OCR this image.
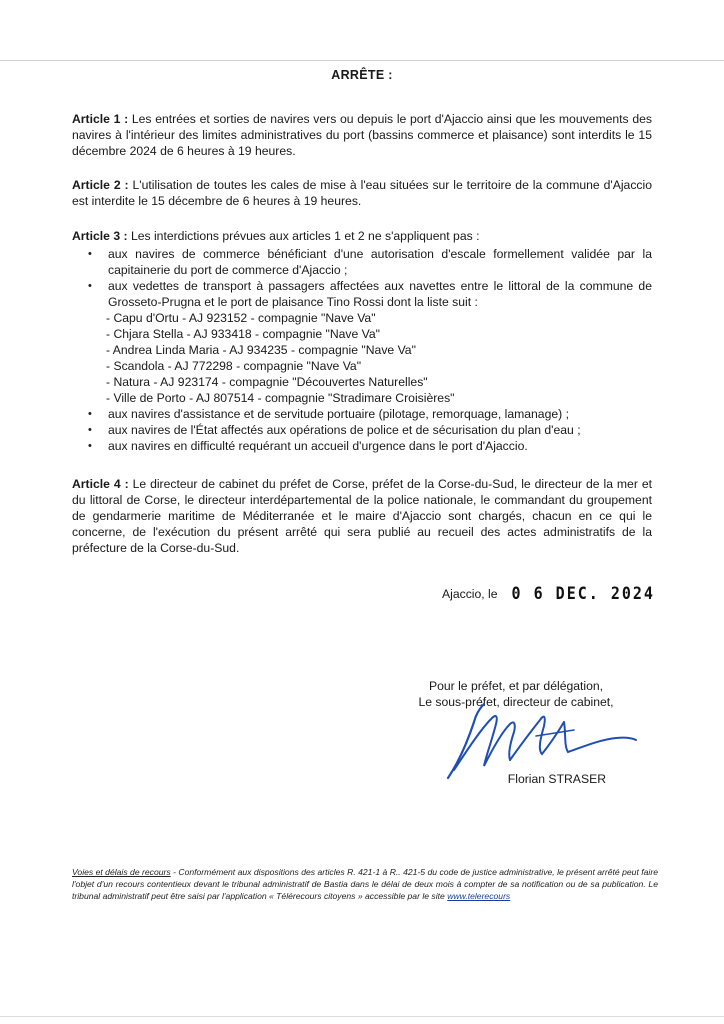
ARRÊTE :
Article 1 : Les entrées et sorties de navires vers ou depuis le port d'Ajaccio ainsi que les mouvements des navires à l'intérieur des limites administratives du port (bassins commerce et plaisance) sont interdits le 15 décembre 2024 de 6 heures à 19 heures.
Article 2 : L'utilisation de toutes les cales de mise à l'eau situées sur le territoire de la commune d'Ajaccio est interdite le 15 décembre de 6 heures à 19 heures.
Article 3 : Les interdictions prévues aux articles 1 et 2 ne s'appliquent pas :
• aux navires de commerce bénéficiant d'une autorisation d'escale formellement validée par la capitainerie du port de commerce d'Ajaccio ;
• aux vedettes de transport à passagers affectées aux navettes entre le littoral de la commune de Grosseto-Prugna et le port de plaisance Tino Rossi dont la liste suit :
- Capu d'Ortu - AJ 923152 - compagnie "Nave Va"
- Chjara Stella - AJ 933418 - compagnie "Nave Va"
- Andrea Linda Maria - AJ 934235 - compagnie "Nave Va"
- Scandola - AJ 772298 - compagnie "Nave Va"
- Natura - AJ 923174 - compagnie "Découvertes Naturelles"
- Ville de Porto - AJ 807514 - compagnie "Stradimare Croisières"
• aux navires d'assistance et de servitude portuaire (pilotage, remorquage, lamanage) ;
• aux navires de l'État affectés aux opérations de police et de sécurisation du plan d'eau ;
• aux navires en difficulté requérant un accueil d'urgence dans le port d'Ajaccio.
Article 4 : Le directeur de cabinet du préfet de Corse, préfet de la Corse-du-Sud, le directeur de la mer et du littoral de Corse, le directeur interdépartemental de la police nationale, le commandant du groupement de gendarmerie maritime de Méditerranée et le maire d'Ajaccio sont chargés, chacun en ce qui le concerne, de l'exécution du présent arrêté qui sera publié au recueil des actes administratifs de la préfecture de la Corse-du-Sud.
Ajaccio, le 0 6 DEC. 2024
Pour le préfet, et par délégation,
Le sous-préfet, directeur de cabinet,
Florian STRASER
Voies et délais de recours - Conformément aux dispositions des articles R. 421-1 à R.. 421-5 du code de justice administrative, le présent arrêté peut faire l'objet d'un recours contentieux devant le tribunal administratif de Bastia dans le délai de deux mois à compter de sa notification ou de sa publication. Le tribunal administratif peut être saisi par l'application « Télérecours citoyens » accessible par le site www.telerecours
